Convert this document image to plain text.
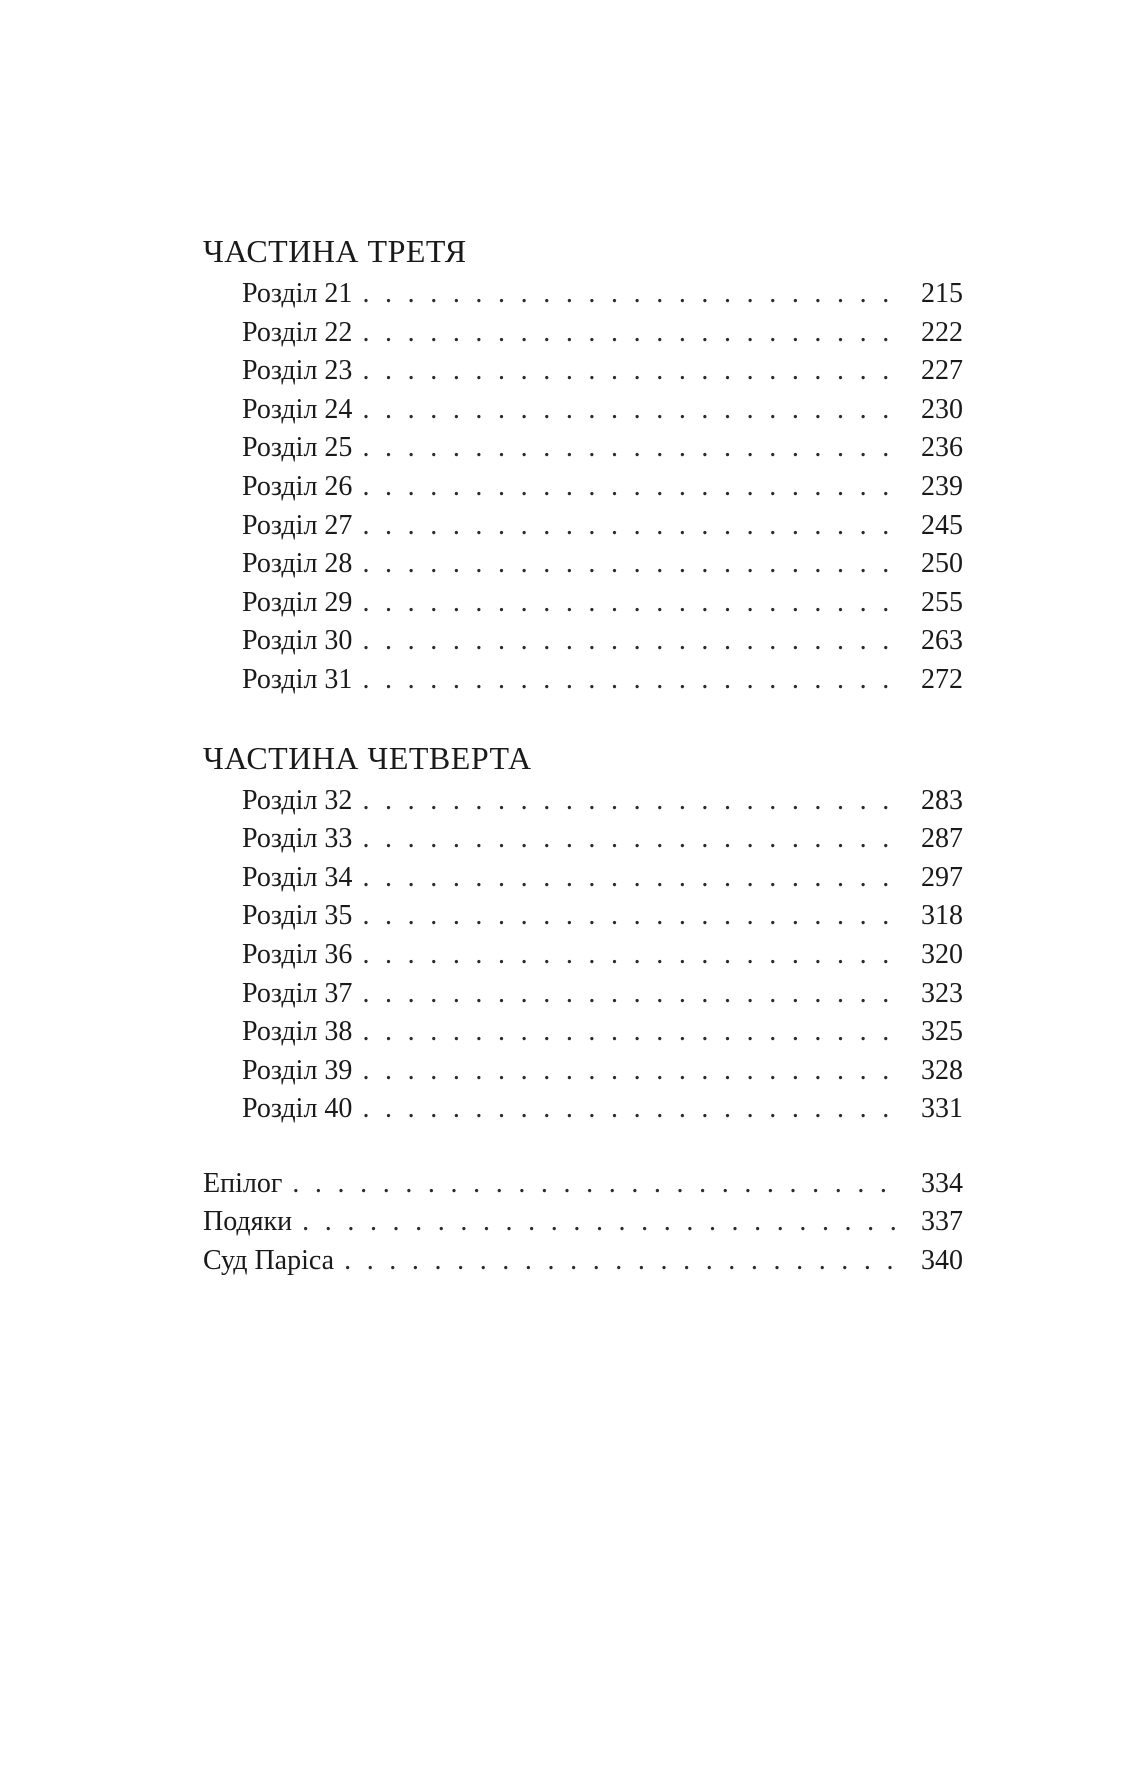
ЧАСТИНА ТРЕТЯ
Розділ 21 . . .	215
Розділ 22 . . .	222
Розділ 23 . . .	227
Розділ 24 . . .	230
Розділ 25 . . .	236
Розділ 26 . . .	239
Розділ 27 . . .	245
Розділ 28 . . .	250
Розділ 29 . . .	255
Розділ 30 . . .	263
Розділ 31 . . .	272
ЧАСТИНА ЧЕТВЕРТА
Розділ 32 . . .	283
Розділ 33 . . .	287
Розділ 34 . . .	297
Розділ 35 . . .	318
Розділ 36 . . .	320
Розділ 37 . . .	323
Розділ 38 . . .	325
Розділ 39 . . .	328
Розділ 40 . . .	331
Епілог . . .	334
Подяки . . .	337
Суд Паріса . . .	340
